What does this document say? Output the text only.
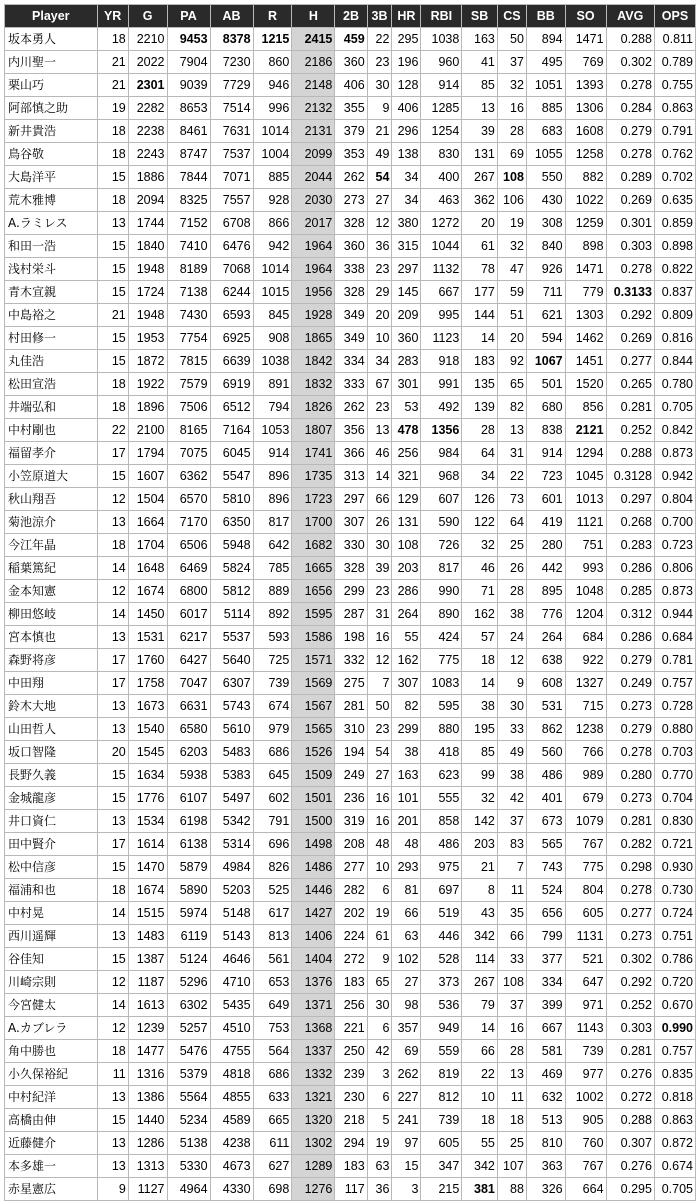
Player	YR	G	PA	AB	R	H	2B	3B	HR	RBI	SB	CS	BB	SO	AVG	OPS
坂本勇人	18	2210	9453	8378	1215	2415	459	22	295	1038	163	50	894	1471	0.288	0.811
内川聖一	21	2022	7904	7230	860	2186	360	23	196	960	41	37	495	769	0.302	0.789
栗山巧	21	2301	9039	7729	946	2148	406	30	128	914	85	32	1051	1393	0.278	0.755
阿部慎之助	19	2282	8653	7514	996	2132	355	9	406	1285	13	16	885	1306	0.284	0.863
新井貴浩	18	2238	8461	7631	1014	2131	379	21	296	1254	39	28	683	1608	0.279	0.791
鳥谷敬	18	2243	8747	7537	1004	2099	353	49	138	830	131	69	1055	1258	0.278	0.762
大島洋平	15	1886	7844	7071	885	2044	262	54	34	400	267	108	550	882	0.289	0.702
荒木雅博	18	2094	8325	7557	928	2030	273	27	34	463	362	106	430	1022	0.269	0.635
A.ラミレス	13	1744	7152	6708	866	2017	328	12	380	1272	20	19	308	1259	0.301	0.859
和田一浩	15	1840	7410	6476	942	1964	360	36	315	1044	61	32	840	898	0.303	0.898
浅村栄斗	15	1948	8189	7068	1014	1964	338	23	297	1132	78	47	926	1471	0.278	0.822
青木宣親	15	1724	7138	6244	1015	1956	328	29	145	667	177	59	711	779	0.3133	0.837
中島裕之	21	1948	7430	6593	845	1928	349	20	209	995	144	51	621	1303	0.292	0.809
村田修一	15	1953	7754	6925	908	1865	349	10	360	1123	14	20	594	1462	0.269	0.816
丸佳浩	15	1872	7815	6639	1038	1842	334	34	283	918	183	92	1067	1451	0.277	0.844
松田宣浩	18	1922	7579	6919	891	1832	333	67	301	991	135	65	501	1520	0.265	0.780
井端弘和	18	1896	7506	6512	794	1826	262	23	53	492	139	82	680	856	0.281	0.705
中村剛也	22	2100	8165	7164	1053	1807	356	13	478	1356	28	13	838	2121	0.252	0.842
福留孝介	17	1794	7075	6045	914	1741	366	46	256	984	64	31	914	1294	0.288	0.873
小笠原道大	15	1607	6362	5547	896	1735	313	14	321	968	34	22	723	1045	0.3128	0.942
秋山翔吾	12	1504	6570	5810	896	1723	297	66	129	607	126	73	601	1013	0.297	0.804
菊池涼介	13	1664	7170	6350	817	1700	307	26	131	590	122	64	419	1121	0.268	0.700
今江年晶	18	1704	6506	5948	642	1682	330	30	108	726	32	25	280	751	0.283	0.723
稲葉篤紀	14	1648	6469	5824	785	1665	328	39	203	817	46	26	442	993	0.286	0.806
金本知憲	12	1674	6800	5812	889	1656	299	23	286	990	71	28	895	1048	0.285	0.873
柳田悠岐	14	1450	6017	5114	892	1595	287	31	264	890	162	38	776	1204	0.312	0.944
宮本慎也	13	1531	6217	5537	593	1586	198	16	55	424	57	24	264	684	0.286	0.684
森野将彦	17	1760	6427	5640	725	1571	332	12	162	775	18	12	638	922	0.279	0.781
中田翔	17	1758	7047	6307	739	1569	275	7	307	1083	14	9	608	1327	0.249	0.757
鈴木大地	13	1673	6631	5743	674	1567	281	50	82	595	38	30	531	715	0.273	0.728
山田哲人	13	1540	6580	5610	979	1565	310	23	299	880	195	33	862	1238	0.279	0.880
坂口智隆	20	1545	6203	5483	686	1526	194	54	38	418	85	49	560	766	0.278	0.703
長野久義	15	1634	5938	5383	645	1509	249	27	163	623	99	38	486	989	0.280	0.770
金城龍彦	15	1776	6107	5497	602	1501	236	16	101	555	32	42	401	679	0.273	0.704
井口資仁	13	1534	6198	5342	791	1500	319	16	201	858	142	37	673	1079	0.281	0.830
田中賢介	17	1614	6138	5314	696	1498	208	48	48	486	203	83	565	767	0.282	0.721
松中信彦	15	1470	5879	4984	826	1486	277	10	293	975	21	7	743	775	0.298	0.930
福浦和也	18	1674	5890	5203	525	1446	282	6	81	697	8	11	524	804	0.278	0.730
中村晃	14	1515	5974	5148	617	1427	202	19	66	519	43	35	656	605	0.277	0.724
西川遥輝	13	1483	6119	5143	813	1406	224	61	63	446	342	66	799	1131	0.273	0.751
谷佳知	15	1387	5124	4646	561	1404	272	9	102	528	114	33	377	521	0.302	0.786
川崎宗則	12	1187	5296	4710	653	1376	183	65	27	373	267	108	334	647	0.292	0.720
今宮健太	14	1613	6302	5435	649	1371	256	30	98	536	79	37	399	971	0.252	0.670
A.カブレラ	12	1239	5257	4510	753	1368	221	6	357	949	14	16	667	1143	0.303	0.990
角中勝也	18	1477	5476	4755	564	1337	250	42	69	559	66	28	581	739	0.281	0.757
小久保裕紀	11	1316	5379	4818	686	1332	239	3	262	819	22	13	469	977	0.276	0.835
中村紀洋	13	1386	5564	4855	633	1321	230	6	227	812	10	11	632	1002	0.272	0.818
高橋由伸	15	1440	5234	4589	665	1320	218	5	241	739	18	18	513	905	0.288	0.863
近藤健介	13	1286	5138	4238	611	1302	294	19	97	605	55	25	810	760	0.307	0.872
本多雄一	13	1313	5330	4673	627	1289	183	63	15	347	342	107	363	767	0.276	0.674
赤星憲広	9	1127	4964	4330	698	1276	117	36	3	215	381	88	326	664	0.295	0.705
